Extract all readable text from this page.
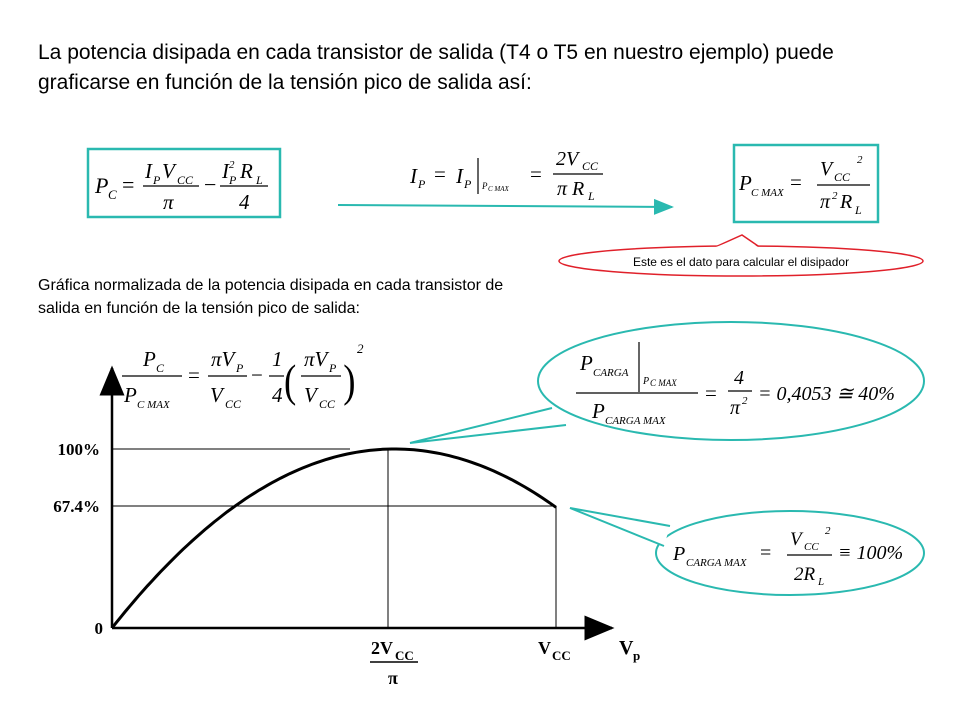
La potencia disipada en cada transistor de salida (T4 o T5 en nuestro ejemplo) puede graficarse en función de la tensión pico de salida así:
Gráfica normalizada de la potencia disipada en cada transistor de salida en función de la tensión pico de salida:
P C =
I P V CC
π
−
I 2
P R L
4
I P = I P P C MAX
=
2V CC
π R L
P C MAX =
V CC
2
π 2 R L
Este es el dato para calcular el disipador
P C
P C MAX
=
πV P
V CC
−
1
4 ( πV P
V CC )
2
100%
67.4%
0
2V CC
π
V CC V p
P CARGA
P C MAX
P CARGA MAX
=
4
π 2 = 0,4053 ≅ 40%
P CARGA MAX =
V CC
2
2R L
≡ 100%
